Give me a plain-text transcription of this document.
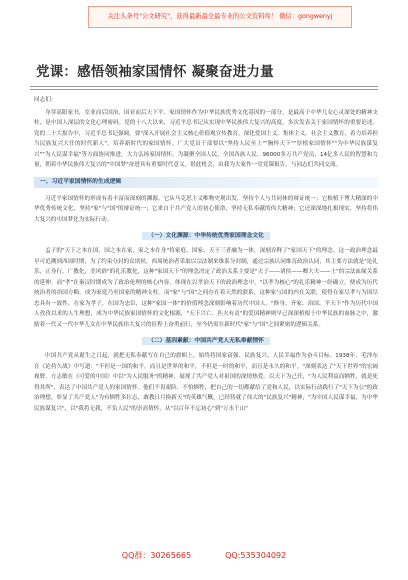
关注头条号"公文研究"，获得最新最全最专业的公文资料库！ 微信：gongwenyj
党课：感悟领袖家国情怀 凝聚奋进力量

同志们：

身穿高阳家书，室亚而后国治，国亚而后天下平。家国情怀作为中华民族优秀文化基因的一部分，是最高于中华儿女心灵深处的精神支柱，是中国人深层的文化心理密码。党的十八大以来，习近平总书记从实现中华民族伟大复兴的高度，多次发表关于家国情怀的重要论述。党的二十大报告中，习近平总书记强调，要"深入开展社会主义核心价值观宣传教育，深化爱国主义、集体主义、社会主义教育，着力培养担当民族复兴大任的时代新人"，培养新时代的家国情怀。广大党员干部要以"坚持人民至上""胸怀天下""厚植家国情怀""为中华民族谋复兴""为人民谋幸福"等方面协同推进，大力弘扬家国情怀，为凝聚全国人民、全国各族人民、96000多万共产党员、14亿多人民的智慧和力量，朝着中华民族伟大复兴的"中国梦"奋进具有重要时代意义。借此机会，由我为大家作一堂党课报告，与同志们共同交流。

一、习近平家国情怀的生成逻辑

习近平家国情怀的形成有着丰富而深刻的渊源。它从马克思主义唯物史观出发，坚持个人与共同体的辩证统一；它根植于博大精深的中华优秀传统文化，坚持"家"与"国"的辩证统一；它来自于共产党人的初心使命，坚持无私奉献的伟大精神；它还深深地扎根现实，坚持将伟大复兴的中国梦化为实际行动。

（一）文化渊源：中华传统优秀家国理念文化

孟子的"天下之本在国，国之本在家，家之本在身"将家庭、国家、天下三者融为一体，深刻诠释了"家国天下"的理念。这一政治理念最早可追溯到西周时期，为了约束分封的众诸侯，西周统治者采取以宗法制来维系分封制，通过宗族认同维育政治认同，其主要方法就是"论礼乐，正身行，广教化，美风俗"的礼乐教化，这种"家国天下"的理念决定了政治关系主要是"天子——诸侯——卿大夫——士"的宗法血缘关系的延伸。而"孝"在秦汉时期成为了政治伦理的核心内容，体现在以孝治天下的政治理念中，"以孝为核心"的礼乐精神一经确立，便成为历代统治者的治国方略。成为家庭乃至国家的精神支柱。而"家"与"国"之间存在着天然的联系，这种家与国的内在关联，使得在家尽孝与为国尽忠具有一致性。在家为孝子，在国为忠臣，这种"家国一体"的价值理念深刻影响着历代中国人。"修身、齐家、治国、平天下"作为历代中国人孜孜以求的人生理想，成为中华民族家国情怀的文化根源，"天下兴亡、匹夫有责"的爱国精神则早已深深植根于中华民族的血脉之中，激励着一代又一代中华儿女在中华民族伟大复兴的征程上奋勇前行，至今仍需在新时代"家"与"国"之间紧密的逻辑关系。

（二）基因素献：中国共产党人无私奉献情怀

中国共产党从诞生之日起，就把无私奉献写在自己的旗帜上，始终将国家富强、民族复兴、人民幸福作为奋斗目标。1938年，毛泽东在《论持久战》中写道："不但是一国的和平，而且是世界的和平，不但是一时的和平，而且是永久的和平。"深刻表达了"天下世界"的宏阔视野，方志敏在《可爱的中国》中以"为人民服务"的精神，展现了共产党人对祖国的深情热爱。以天下为己任，"为人民利益而牺牲，就是死得其所"，表达了中国共产党人的家国情怀。他们不畏艰险、不怕牺牲，把自己的一切都献给了党和人民，以实际行动践行了"天下为公"的政治理想，彰显了共产党人"为有牺牲多壮志，敢教日月换新天"的英雄气概，已经铸就了伟大的"民族复兴"精神，"为中国人民谋幸福，为中华民族谋复兴"，以"我将无我，不负人民"的崇高情怀，从"以百年不忘初心"到"万水千山"

QQ群：30265665	QQ:535304092
